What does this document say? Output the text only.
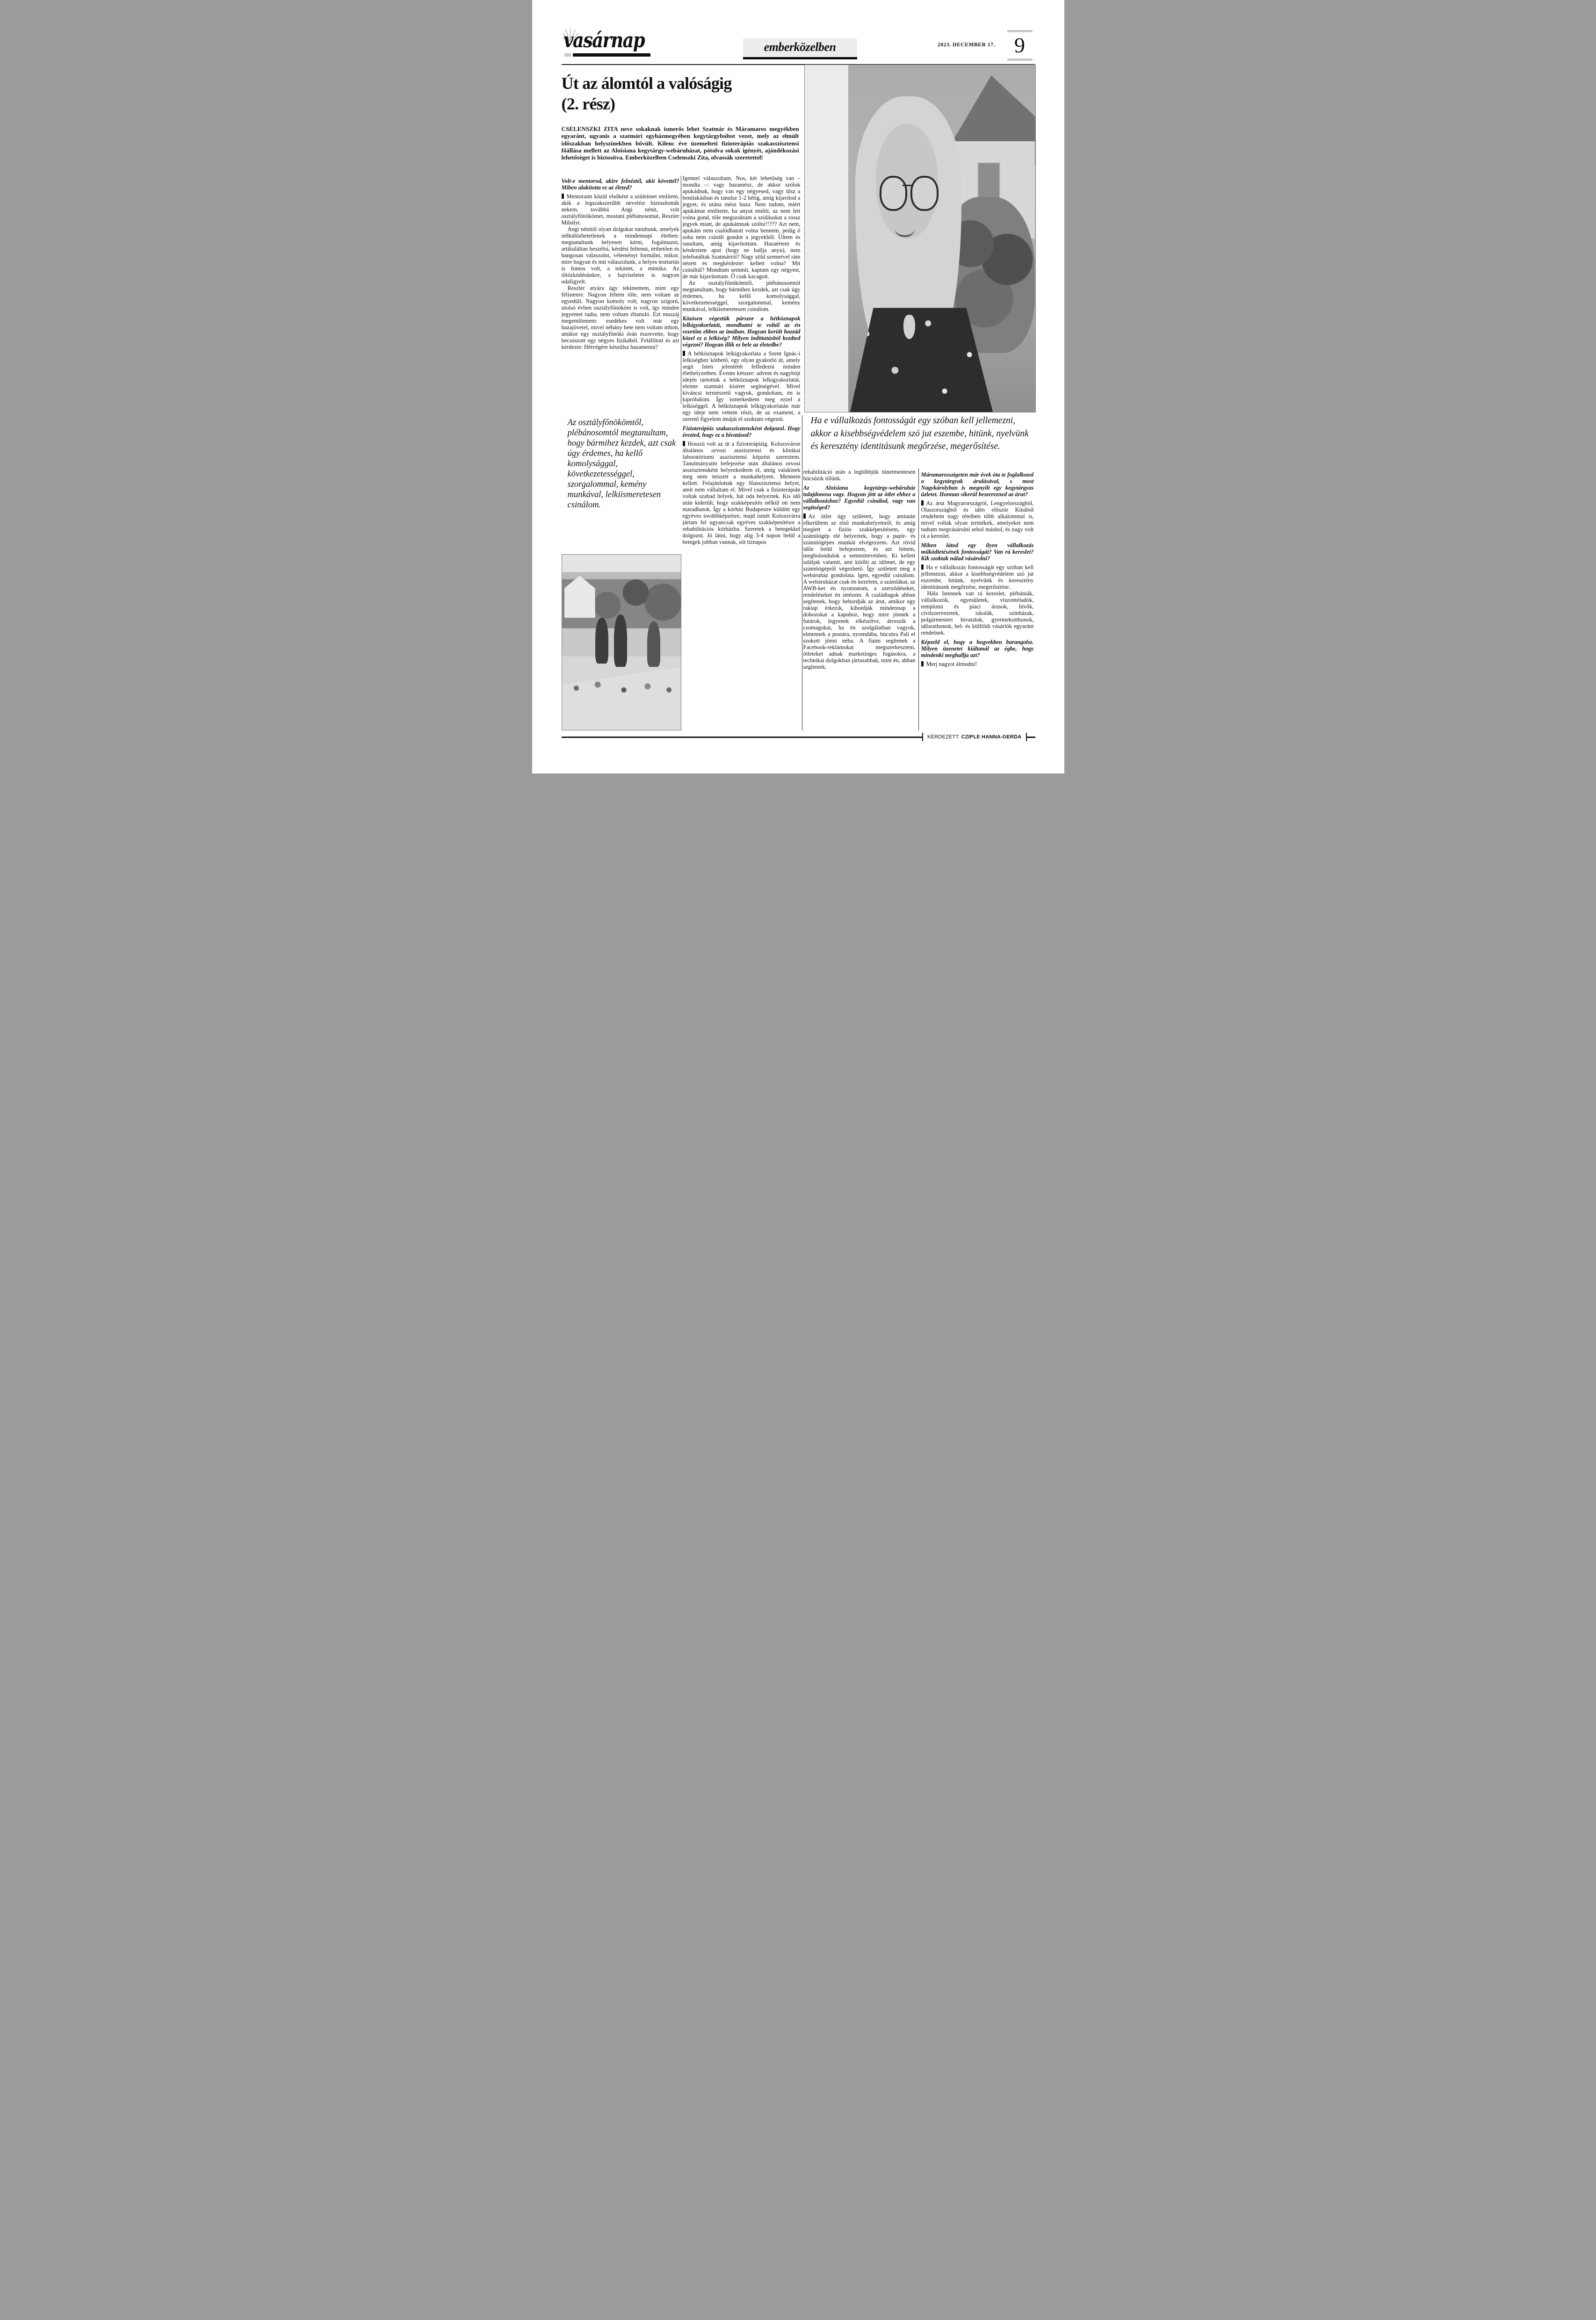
vasárnap	emberközelben	2023. DECEMBER 17. 9
Út az álomtól a valóságig
(2. rész)
CSELENSZKI ZITA neve sokaknak ismerős lehet Szatmár és Máramaros megyékben egyaránt, ugyanis a szatmári egyházmegyében kegytárgyboltot vezet, mely az elmúlt időszakban helyszínekben bővült. Kilenc éve üzemelteti fizioterápiás szakasszisztensi főállása mellett az Aloisiana kegytárgy-webáruházat, pótolva sokak igényét, ajándékozási lehetőséget is biztosítva. Emberközelben Cselenszki Zita, olvassák szeretettel!

Volt-e mentorod, akire felnéztél, akit követtél? Miben alakította ez az életed?

Mentoraim közül elsőként a szüleimet említem, akik a legszakszerűbb nevelést biztosították nekem, továbbá Angi nénit, volt osztályfőnökömet, mostani plébánosomat, Reszler Mihályt.

Angi nénitől olyan dolgokat tanultunk, amelyek nélkülözhetetlenek a mindennapi életben: megtanultunk helyesen kérni, fogalmazni, artikuláltan beszélni, kérdést feltenni, érthetően és hangosan válaszolni, véleményt formálni, mikor, mire hogyan és mit válaszolunk, a helyes testtartás is fontos volt, a tekintet, a mimika. Az öltözködésünkre, a hajviseletre is nagyon odafigyelt.

Reszler atyára úgy tekintettem, mint egy félistenre. Nagyon féltem tőle, nem voltam az egyedüli. Nagyon komoly volt, nagyon szigorú, utolsó évben osztályfőnököm is volt, így minden jegyemet tudta, nem voltam éltanuló. Ezt muszáj megemlítenem: esedékes volt már egy hazajövetel, mivel néhány hete nem voltam itthon, amikor egy osztályfőnöki órán észrevette, hogy becsúszott egy négyes fizikából. Felállított és azt kérdezte: Hétvégére készülsz hazamenni?

Igennel válaszoltam. Nos, két lehetőség van – mondta –: vagy hazamész, de akkor szólok apukádnak, hogy van egy négyesed, vagy ülsz a bentlakásban és tanulsz 1-2 hétig, amíg kijavítod a jegyet, és utána mész haza. Nem tudom, miért apukámat említette, ha anyut említi, az nem lett volna gond, tőle megszoktam a szidásokat a rossz jegyek miatt, de apukámnak szólni!!??? Azt nem, apukám nem csalódhatott volna bennem, pedig ő soha nem csinált gondot a jegyekből. Ültem és tanultam, amíg kijavítottam. Hazaértem és kérdeztem aput (hogy ne hallja anyu), nem telefonáltak Szatmárról? Nagy zöld szemeivel rám nézett és megkérdezte: kellett volna? Mit csináltál? Mondtam semmit, kaptam egy négyest, de már kijavítottam. Ő csak kacagott.

Az osztályfőnökömtől, plébánosomtól megtanultam, hogy bármihez kezdek, azt csak úgy érdemes, ha kellő komolysággal, következetességgel, szorgalommal, kemény munkával, lelkiismeretesen csinálom.

Közösen végeztük párszor a hétköznapok lelkigyakorlatát, mondhatni te voltál az én vezetőm ebben az imában. Hogyan került hozzád közel ez a lelkiség? Milyen indíttatásból kezdted végezni? Hogyan illik ez bele az életedbe?

A hétköznapok lelkigyakorlata a Szent Ignác-i lelkiséghez köthető, egy olyan gyakorló út, amely segít Isten jelenlétét felfedezni minden élethelyzetben. Évente kétszer: advent és nagyböjt idején tartottuk a hétköznapok lelkigyakorlatát, eleinte szatmári kíséret segítségével. Mivel kíváncsi természetű vagyok, gondoltam, én is kipróbálom. Így ismerkedtem meg ezzel a lelkiséggel. A hétköznapok lelkigyakorlatán már egy ideje nem vettem részt, de az exament, a szerető figyelem imáját el szoktam végezni.

Fizioterápiás szakasszisztensként dolgozol. Hogy érezted, hogy ez a hivatásod?

Hosszú volt az út a fizioterápiáig. Kolozsváron általános orvosi asszisztensi és klinikai laboratóriumi asszisztensi képzést szereztem. Tanulmányaim befejezése után általános orvosi asszisztensként helyezkedtem el, amíg valakinek meg nem tetszett a munkahelyem. Mennem kellett. Felajánlottak egy főasszisztensi helyet, amit nem vállaltam el. Mivel csak a fizioterápián voltak szabad helyek, hát oda helyeztek. Kis idő után kiderült, hogy szakképesítés nélkül ott nem maradhatok. Így a kórház Budapestre küldött egy egyéves továbbképzésre, majd ismét Kolozsvárra jártam fel ugyancsak egyéves szakképesítésre a rehabilitációs kórházba. Szeretek a betegekkel dolgozni. Jó látni, hogy alig 3-4 napon belül a betegek jobban vannak, sőt tíznapos

rehabilitáció után a legtöbbjük tünetmentesen búcsúzik tőlünk.

Az Aloisiana kegytárgy-webáruház tulajdonosa vagy. Hogyan jött az ötlet ehhez a vállalkozáshoz? Egyedül csinálod, vagy van segítséged?

Az ötlet úgy született, hogy amiután elkerültem az első munkahelyemről, és amíg meglett a fiziós szakképesítésem, egy számítógép elé helyeztek, hogy a papír- és számítógépes munkát elvégezzem. Azt rövid időn belül befejeztem, és azt hittem, megbolondulok a semmittevésben. Ki kellett találjak valamit, ami kitölti az időmet, de egy számítógépről végezhető. Így született meg a webáruház gondolata. Igen, egyedül csinálom. A webáruházat csak én kezelem, a számlákat, az AWB-ket én nyomtatom, a szerződéseket, rendeléseket én intézem. A családtagok abban segítenek, hogy behordják az árut, amikor egy raklap érkezik, kihordják mindennap a dobozokat a kapuhoz, hogy mire jönnek a futárok, legyenek elkészítve, átveszik a csomagokat, ha én szolgálatban vagyok, elmennek a postára, nyomdába, búcsúra Pali el szokott jönni néha. A fiaim segítenek a Facebook-reklámokat megszerkeszteni, ötleteket adnak marketinges fogásokra, a technikai dolgokban jártasabbak, mint én, abban segítenek.

Máramarosszigeten már évek óta te foglalkozol a kegytárgyak árulásával, s most Nagykárolyban is megnyílt egy kegytárgyas üzletet. Honnan sikerül beszerezned az árut?

Az árut Magyarországról, Lengyelországból, Olaszországból és idén először Kínából rendeltem nagy tételben több alkalommal is, mivel voltak olyan termékek, amelyeket nem tudtam megvásárolni sehol máshol, és nagy volt rá a kereslet.

Miben látod egy ilyen vállalkozás működtetésének fontosságát? Van rá kereslet? Kik szoktak nálad vásárolni?

Ha e vállalkozás fontosságát egy szóban kell jellemezni, akkor a kisebbségvédelem szó jut eszembe, hitünk, nyelvünk és keresztény identitásunk megőrzése, megerősítése.

Hála Istennek van rá kereslet, plébániák, vállalkozók, egyesületek, viszonteladók, templomi és piaci árusok, hívők, civilszervezetek, iskolák, színházak, polgármesteri hivatalok, gyermekotthonok, idősotthonok, bel- és külföldi vásárlók egyaránt rendelnek.

Képzeld el, hogy a hegyekben barangolsz. Milyen üzenetet kiáltanál az égbe, hogy mindenki meghallja azt?

Merj nagyot álmodni!

Az osztályfőnökömtől, plébánosomtól megtanultam, hogy bármihez kezdek, azt csak úgy érdemes, ha kellő komolysággal, következetességgel, szorgalommal, kemény munkával, lelkiismeretesen csinálom.
Ha e vállalkozás fontosságát egy szóban kell jellemezni, akkor a kisebbségvédelem szó jut eszembe, hitünk, nyelvünk és keresztény identitásunk megőrzése, megerősítése.
KÉRDEZETT: CZIPLE HANNA-GERDA
